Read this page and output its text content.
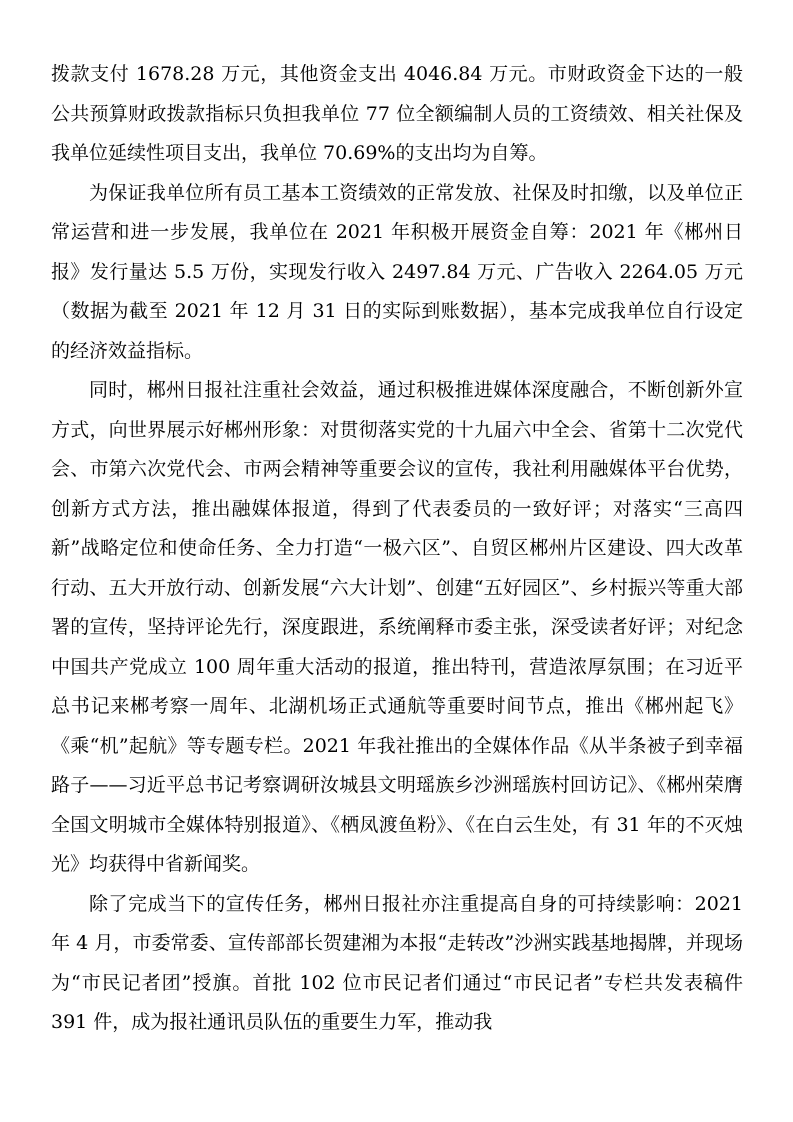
拨款支付 1678.28 万元，其他资金支出 4046.84 万元。市财政资金下达的一般公共预算财政拨款指标只负担我单位 77 位全额编制人员的工资绩效、相关社保及我单位延续性项目支出，我单位 70.69%的支出均为自筹。

为保证我单位所有员工基本工资绩效的正常发放、社保及时扣缴，以及单位正常运营和进一步发展，我单位在 2021 年积极开展资金自筹：2021 年《郴州日报》发行量达 5.5 万份，实现发行收入 2497.84 万元、广告收入 2264.05 万元（数据为截至 2021 年 12 月 31 日的实际到账数据），基本完成我单位自行设定的经济效益指标。

同时，郴州日报社注重社会效益，通过积极推进媒体深度融合，不断创新外宣方式，向世界展示好郴州形象：对贯彻落实党的十九届六中全会、省第十二次党代会、市第六次党代会、市两会精神等重要会议的宣传，我社利用融媒体平台优势，创新方式方法，推出融媒体报道，得到了代表委员的一致好评；对落实“三高四新”战略定位和使命任务、全力打造“一极六区”、自贸区郴州片区建设、四大改革行动、五大开放行动、创新发展“六大计划”、创建“五好园区”、乡村振兴等重大部署的宣传，坚持评论先行，深度跟进，系统阐释市委主张，深受读者好评；对纪念中国共产党成立 100 周年重大活动的报道，推出特刊，营造浓厚氛围；在习近平总书记来郴考察一周年、北湖机场正式通航等重要时间节点，推出《郴州起飞》《乘“机”起航》等专题专栏。2021 年我社推出的全媒体作品《从半条被子到幸福路子——习近平总书记考察调研汝城县文明瑶族乡沙洲瑶族村回访记》、《郴州荣膺全国文明城市全媒体特别报道》、《栖凤渡鱼粉》、《在白云生处，有 31 年的不灭烛光》均获得中省新闻奖。

除了完成当下的宣传任务，郴州日报社亦注重提高自身的可持续影响：2021 年 4 月，市委常委、宣传部部长贺建湘为本报“走转改”沙洲实践基地揭牌，并现场为“市民记者团”授旗。首批 102 位市民记者们通过“市民记者”专栏共发表稿件 391 件，成为报社通讯员队伍的重要生力军，推动我
